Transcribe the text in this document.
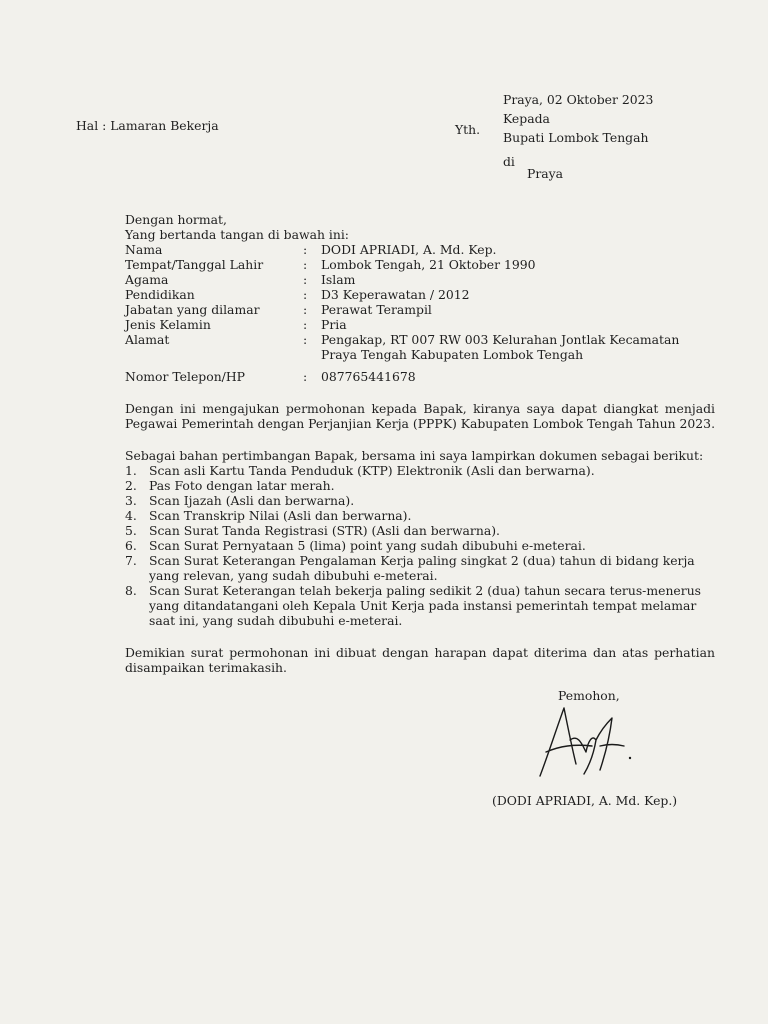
Hal : Lamaran Bekerja
Praya, 02 Oktober 2023
Kepada
Bupati Lombok Tengah
Yth.
di
Praya

Dengan hormat,

Yang bertanda tangan di bawah ini:

Nama	:	DODI APRIADI, A. Md. Kep.
Tempat/Tanggal Lahir	:	Lombok Tengah, 21 Oktober 1990
Agama	:	Islam
Pendidikan	:	D3 Keperawatan / 2012
Jabatan yang dilamar	:	Perawat Terampil
Jenis Kelamin	:	Pria
Alamat	:	Pengakap, RT 007 RW 003 Kelurahan Jontlak Kecamatan Praya Tengah Kabupaten Lombok Tengah
Nomor Telepon/HP	:	087765441678

Dengan ini mengajukan permohonan kepada Bapak, kiranya saya dapat diangkat menjadi Pegawai Pemerintah dengan Perjanjian Kerja (PPPK) Kabupaten Lombok Tengah Tahun 2023.

Sebagai bahan pertimbangan Bapak, bersama ini saya lampirkan dokumen sebagai berikut:

1. Scan asli Kartu Tanda Penduduk (KTP) Elektronik (Asli dan berwarna).
2. Pas Foto dengan latar merah.
3. Scan Ijazah (Asli dan berwarna).
4. Scan Transkrip Nilai (Asli dan berwarna).
5. Scan Surat Tanda Registrasi (STR) (Asli dan berwarna).
6. Scan Surat Pernyataan 5 (lima) point yang sudah dibubuhi e-meterai.
7. Scan Surat Keterangan Pengalaman Kerja paling singkat 2 (dua) tahun di bidang kerja yang relevan, yang sudah dibubuhi e-meterai.
8. Scan Surat Keterangan telah bekerja paling sedikit 2 (dua) tahun secara terus-menerus yang ditandatangani oleh Kepala Unit Kerja pada instansi pemerintah tempat melamar saat ini, yang sudah dibubuhi e-meterai.

Demikian surat permohonan ini dibuat dengan harapan dapat diterima dan atas perhatian disampaikan terimakasih.

Pemohon,
(DODI APRIADI, A. Md. Kep.)
